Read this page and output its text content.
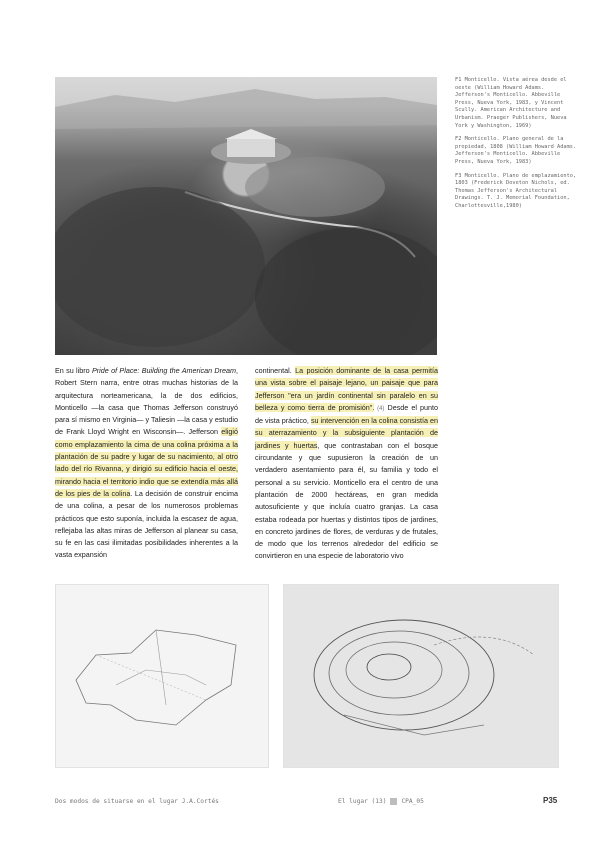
F1 Monticello. Vista aérea desde el oeste (William Howard Adams. Jefferson's Monticello. Abbeville Press, Nueva York, 1983, y Vincent Scully. American Architecture and Urbanism. Praeger Publishers, Nueva York y Washington, 1969)

F2 Monticello. Plano general de la propiedad, 1808 (William Howard Adams. Jefferson's Monticello. Abbeville Press, Nueva York, 1983)

F3 Monticello. Plano de emplazamiento, 1803 (Frederick Doveton Nichols, ed. Thomas Jefferson's Architectural Drawings. T. J. Memorial Foundation, Charlottesville,1980)

En su libro Pride of Place: Building the American Dream, Robert Stern narra, entre otras muchas historias de la arquitectura norteamericana, la de dos edificios, Monticello —la casa que Thomas Jefferson construyó para sí mismo en Virginia— y Taliesin —la casa y estudio de Frank Lloyd Wright en Wisconsin—. Jefferson eligió como emplazamiento la cima de una colina próxima a la plantación de su padre y lugar de su nacimiento, al otro lado del río Rivanna, y dirigió su edificio hacia el oeste, mirando hacia el territorio indio que se extendía más allá de los pies de la colina. La decisión de construir encima de una colina, a pesar de los numerosos problemas prácticos que esto suponía, incluida la escasez de agua, reflejaba las altas miras de Jefferson al planear su casa, su fe en las casi ilimitadas posibilidades inherentes a la vasta expansión

continental. La posición dominante de la casa permitía una vista sobre el paisaje lejano, un paisaje que para Jefferson "era un jardín continental sin paralelo en su belleza y como tierra de promisión". (4) Desde el punto de vista práctico, su intervención en la colina consistía en su aterrazamiento y la subsiguiente plantación de jardines y huertas, que contrastaban con el bosque circundante y que supusieron la creación de un verdadero asentamiento para él, su familia y todo el personal a su servicio. Monticello era el centro de una plantación de 2000 hectáreas, en gran medida autosuficiente y que incluía cuatro granjas. La casa estaba rodeada por huertas y distintos tipos de jardines, en concreto jardines de flores, de verduras y de frutales, de modo que los terrenos alrededor del edificio se convirtieron en una especie de laboratorio vivo

Dos modos de situarse en el lugar J.A.Cortés	El lugar (13) CPA_05	P35
